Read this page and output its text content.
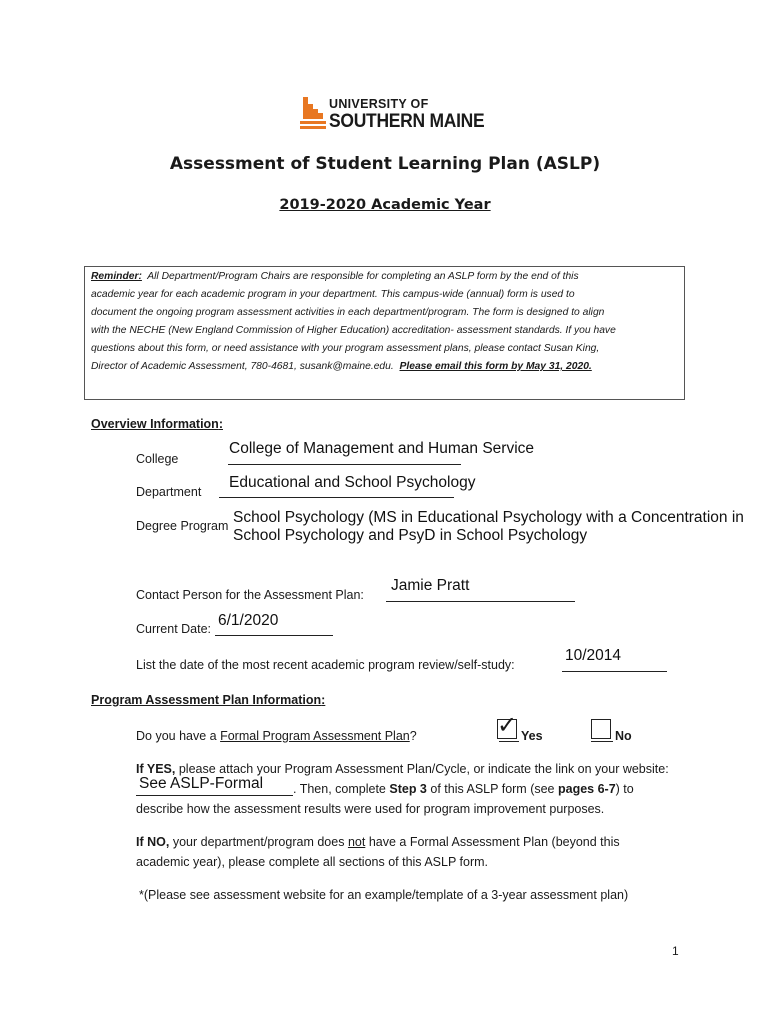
UNIVERSITY OF
SOUTHERN MAINE
Assessment of Student Learning Plan (ASLP)
2019-2020 Academic Year
Reminder: All Department/Program Chairs are responsible for completing an ASLP form by the end of this
academic year for each academic program in your department. This campus-wide (annual) form is used to
document the ongoing program assessment activities in each department/program. The form is designed to align
with the NECHE (New England Commission of Higher Education) accreditation- assessment standards. If you have
questions about this form, or need assistance with your program assessment plans, please contact Susan King,
Director of Academic Assessment, 780-4681, susank@maine.edu. Please email this form by May 31, 2020.
Overview Information:
College
College of Management and Human Service
Department
Educational and School Psychology
Degree Program School Psychology (MS in Educational Psychology with a Concentration in
School Psychology and PsyD in School Psychology
Contact Person for the Assessment Plan:
Jamie Pratt
Current Date: 6/1/2020
List the date of the most recent academic program review/self-study:
10/2014
Program Assessment Plan Information:
Do you have a Formal Program Assessment Plan?	✓ Yes	No
If YES, please attach your Program Assessment Plan/Cycle, or indicate the link on your website:
See ASLP-Formal . Then, complete Step 3 of this ASLP form (see pages 6-7) to
describe how the assessment results were used for program improvement purposes.
If NO, your department/program does not have a Formal Assessment Plan (beyond this
academic year), please complete all sections of this ASLP form.
*(Please see assessment website for an example/template of a 3-year assessment plan)
1
